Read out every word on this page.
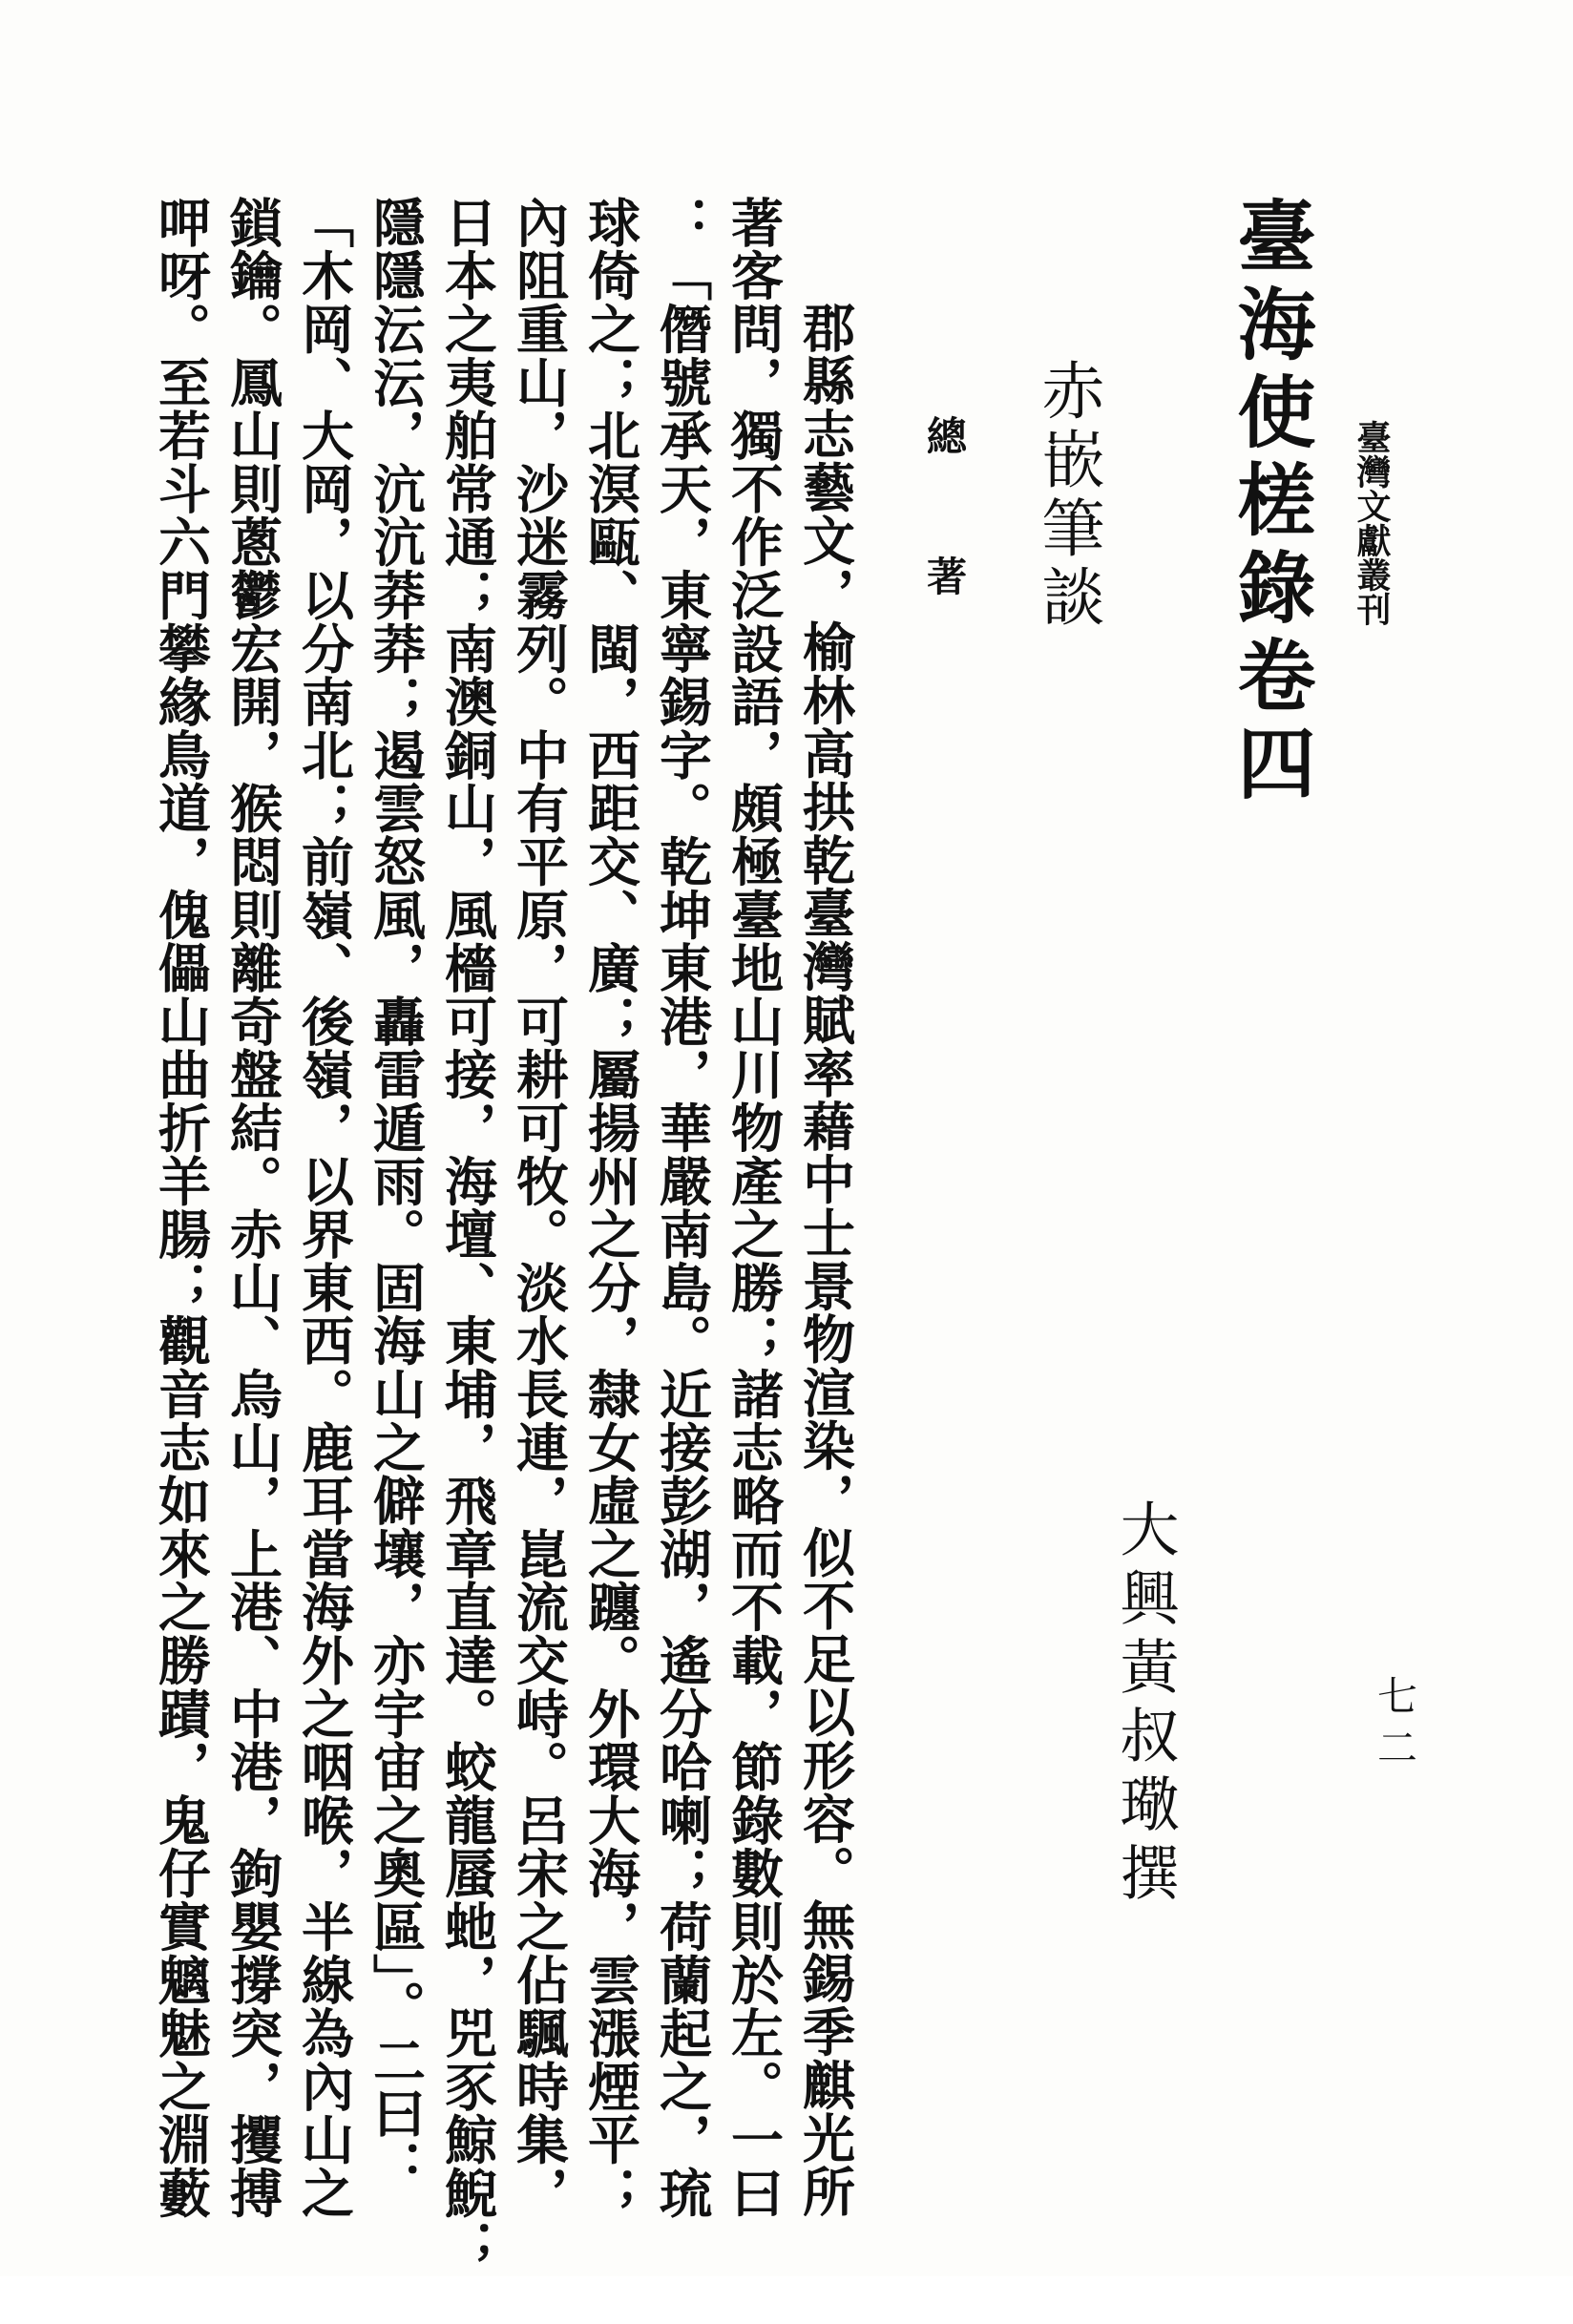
臺灣文獻叢刊
七二
臺海使槎錄卷四
大興黃叔璥撰
赤嵌筆談
總 著
郡縣志藝文，榆林高拱乾臺灣賦率藉中士景物渲染，似不足以形容。無錫季麒光所
著客問，獨不作泛設語，頗極臺地山川物產之勝；諸志略而不載，節錄數則於左。一曰
：「僭號承天，東寧錫字。乾坤東港，華嚴南島。近接彭湖，遙分哈喇；荷蘭起之，琉
球倚之；北溟甌、閩，西距交、廣；屬揚州之分，隸女虛之躔。外環大海，雲漲煙平；
內阻重山，沙迷霧列。中有平原，可耕可牧。淡水長連，崑流交峙。呂宋之佔颿時集，
日本之夷舶常通；南澳銅山，風檣可接，海壇、東埔，飛章直達。蛟龍蜃虵，兕豕鯨鯢；
隱隱沄沄，沆沆莽莽；遏雲怒風，轟雷遁雨。固海山之僻壤，亦宇宙之奧區」。二曰：
「木岡、大岡，以分南北；前嶺、後嶺，以界東西。鹿耳當海外之咽喉，半線為內山之
鎖鑰。鳳山則蔥鬱宏開，猴悶則離奇盤結。赤山、烏山，上港、中港，鉤嬰撐突，攫搏
呷呀。至若斗六門攀緣鳥道，傀儡山曲折羊腸；觀音志如來之勝蹟，鬼仔實魑魅之淵藪
